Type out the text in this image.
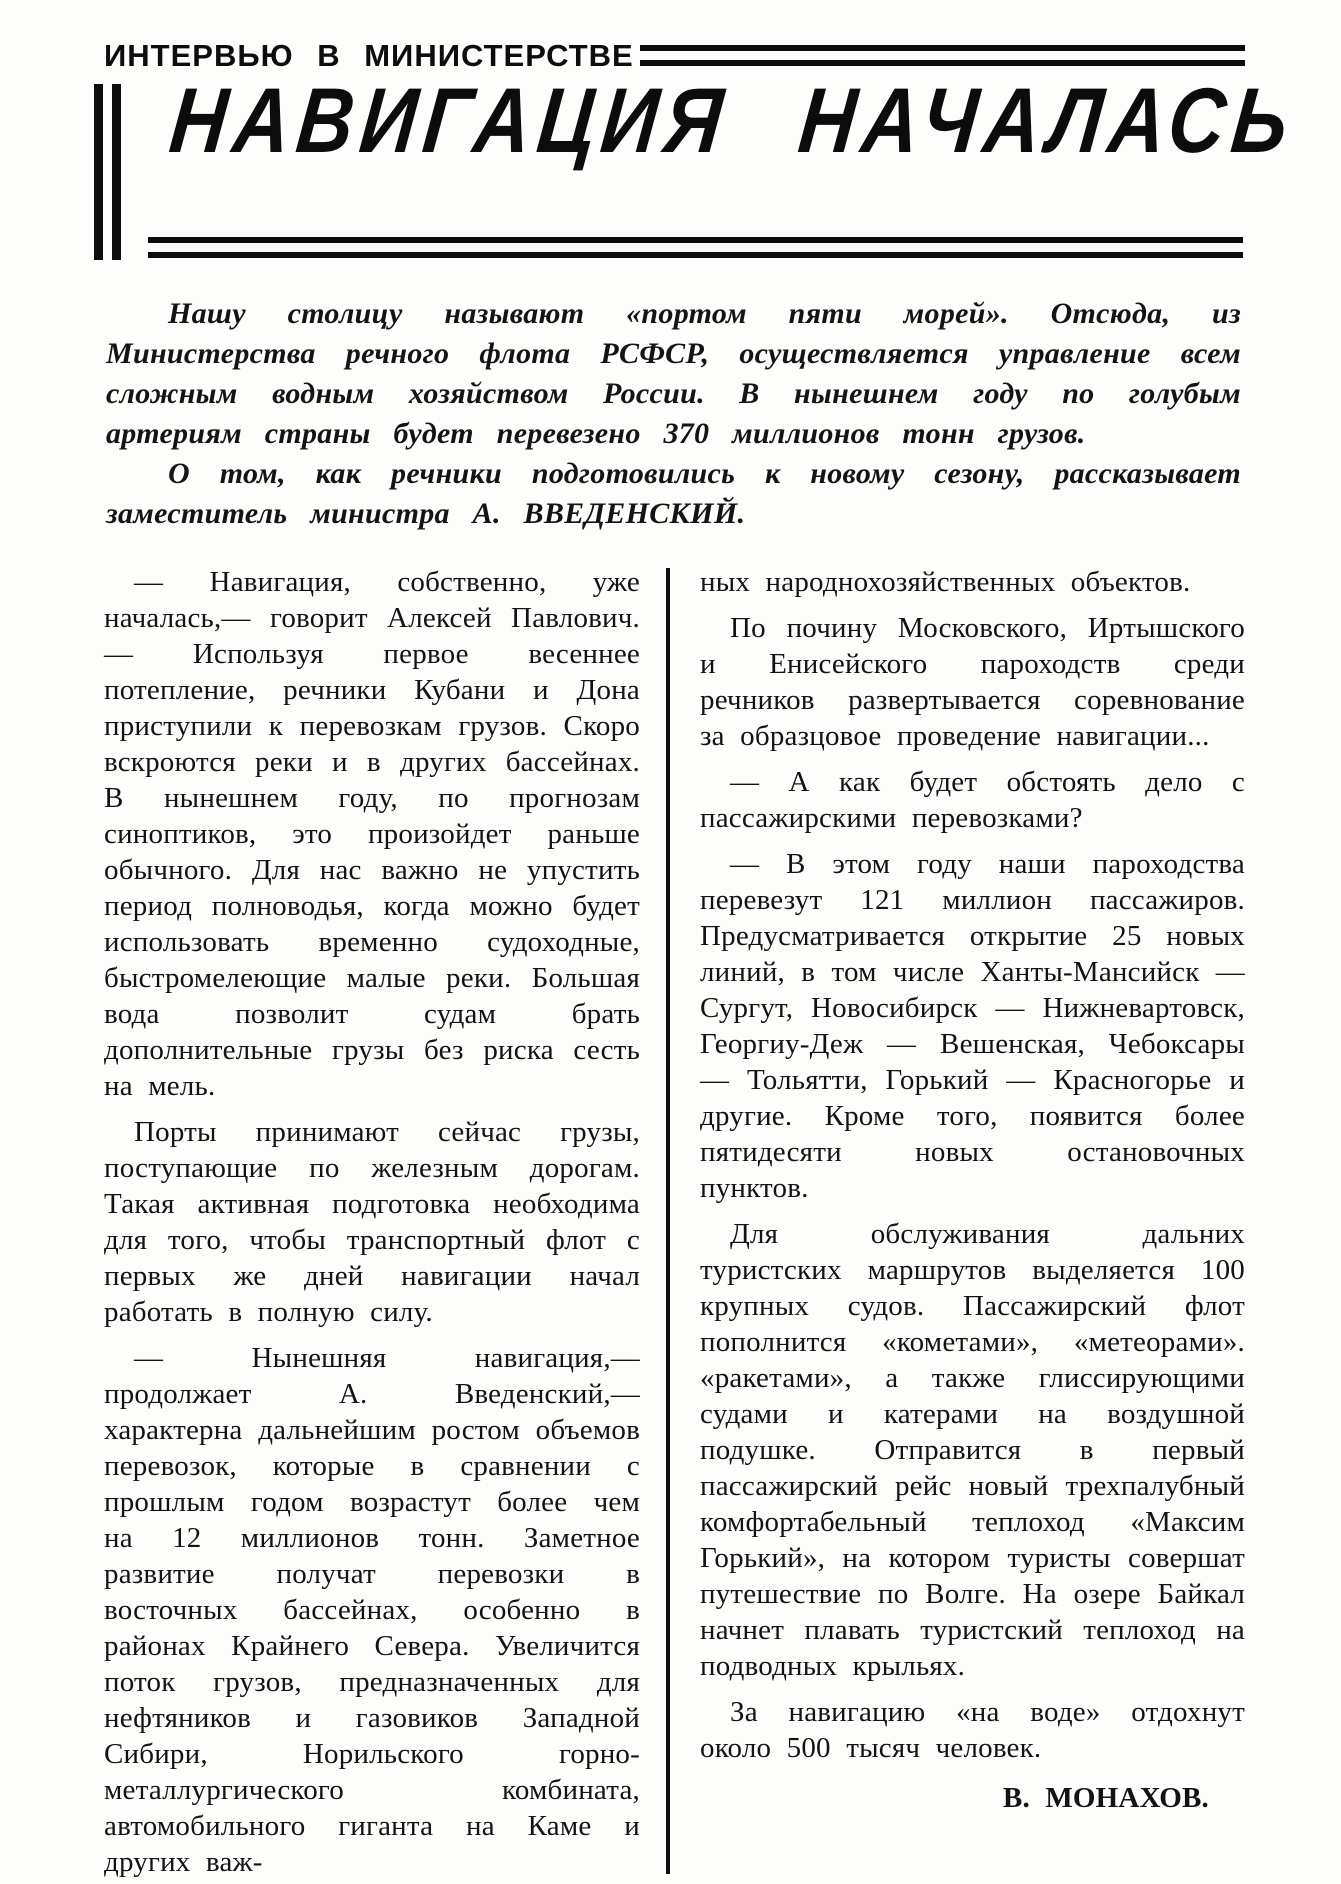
ИНТЕРВЬЮ В МИНИСТЕРСТВЕ
НАВИГАЦИЯ НАЧАЛАСЬ

Нашу столицу называют «портом пяти морей». Отсюда, из Министерства речного флота РСФСР, осуществляется управление всем сложным водным хозяйством России. В нынешнем году по голубым артериям страны будет перевезено 370 миллионов тонн грузов.

О том, как речники подготовились к новому сезону, рассказывает заместитель министра А. ВВЕДЕНСКИЙ.

— Навигация, собственно, уже началась,— говорит Алексей Павлович.— Используя первое весеннее потепление, речники Кубани и Дона приступили к перевозкам грузов. Скоро вскроются реки и в других бассейнах. В нынешнем году, по прогнозам синоптиков, это произойдет раньше обычного. Для нас важно не упустить период полноводья, когда можно будет использовать временно судоходные, быстромелеющие малые реки. Большая вода позволит судам брать дополнительные грузы без риска сесть на мель.

Порты принимают сейчас грузы, поступающие по железным дорогам. Такая активная подготовка необходима для того, чтобы транспортный флот с первых же дней навигации начал работать в полную силу.

— Нынешняя навигация,— продолжает А. Введенский,— характерна дальнейшим ростом объемов перевозок, которые в сравнении с прошлым годом возрастут более чем на 12 миллионов тонн. Заметное развитие получат перевозки в восточных бассейнах, особенно в районах Крайнего Севера. Увеличится поток грузов, предназначенных для нефтяников и газовиков Западной Сибири, Норильского горно-металлургического комбината, автомобильного гиганта на Каме и других важ-

ных народнохозяйственных объектов.

По почину Московского, Иртышского и Енисейского пароходств среди речников развертывается соревнование за образцовое проведение навигации...

— А как будет обстоять дело с пассажирскими перевозками?

— В этом году наши пароходства перевезут 121 миллион пассажиров. Предусматривается открытие 25 новых линий, в том числе Ханты-Мансийск — Сургут, Новосибирск — Нижневартовск, Георгиу-Деж — Вешенская, Чебоксары — Тольятти, Горький — Красногорье и другие. Кроме того, появится более пятидесяти новых остановочных пунктов.

Для обслуживания дальних туристских маршрутов выделяется 100 крупных судов. Пассажирский флот пополнится «кометами», «метеорами». «ракетами», а также глиссирующими судами и катерами на воздушной подушке. Отправится в первый пассажирский рейс новый трехпалубный комфортабельный теплоход «Максим Горький», на котором туристы совершат путешествие по Волге. На озере Байкал начнет плавать туристский теплоход на подводных крыльях.

За навигацию «на воде» отдохнут около 500 тысяч человек.

В. МОНАХОВ.
